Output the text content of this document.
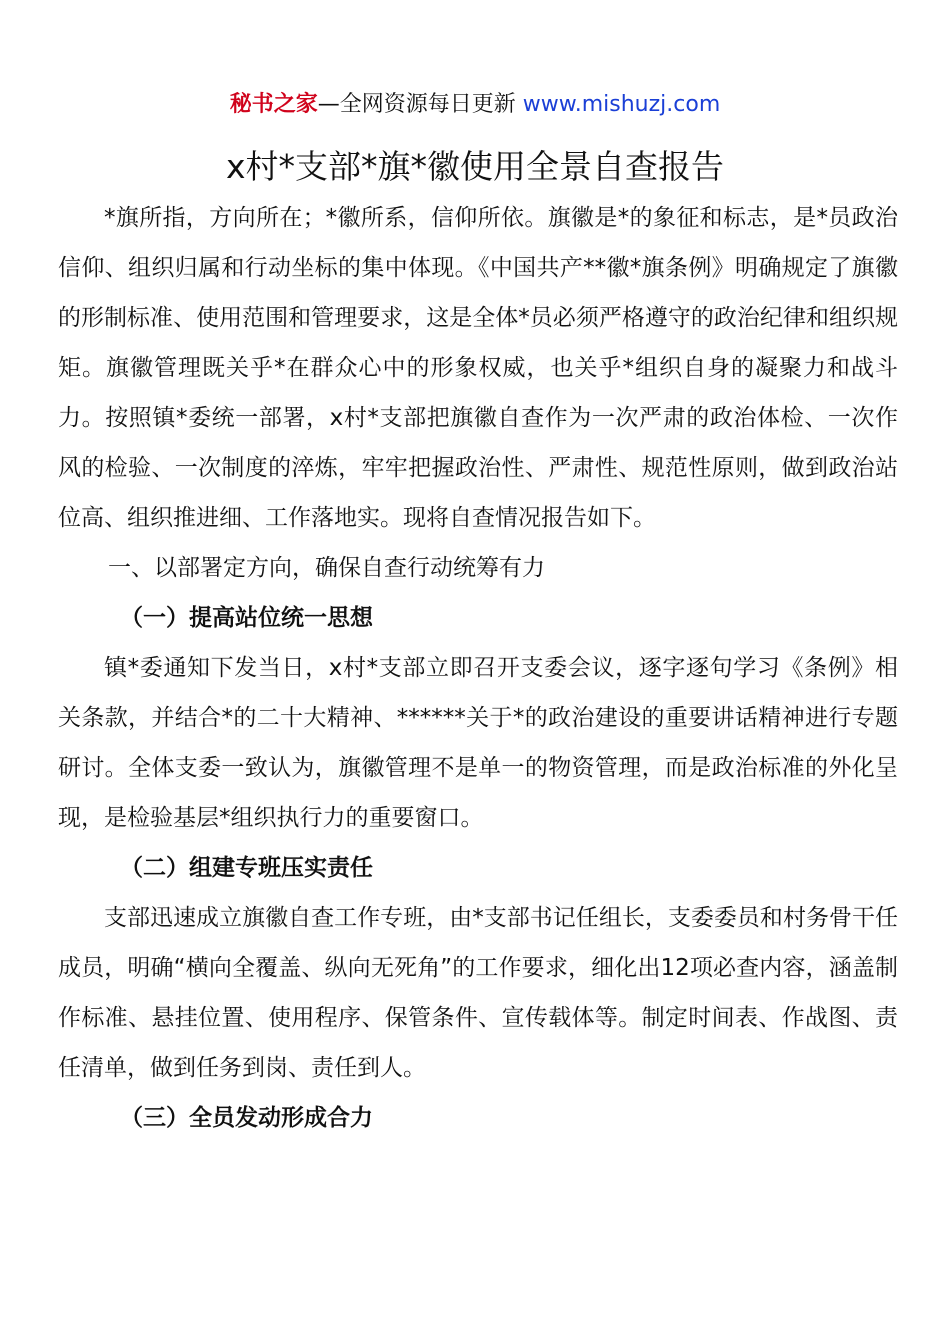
秘书之家—全网资源每日更新 www.mishuzj.com
x村*支部*旗*徽使用全景自查报告

*旗所指，方向所在；*徽所系，信仰所依。旗徽是*的象征和标志，是*员政治信仰、组织归属和行动坐标的集中体现。《中国共产**徽*旗条例》明确规定了旗徽的形制标准、使用范围和管理要求，这是全体*员必须严格遵守的政治纪律和组织规矩。旗徽管理既关乎*在群众心中的形象权威，也关乎*组织自身的凝聚力和战斗力。按照镇*委统一部署，x村*支部把旗徽自查作为一次严肃的政治体检、一次作风的检验、一次制度的淬炼，牢牢把握政治性、严肃性、规范性原则，做到政治站位高、组织推进细、工作落地实。现将自查情况报告如下。

一、以部署定方向，确保自查行动统筹有力

（一）提高站位统一思想

镇*委通知下发当日，x村*支部立即召开支委会议，逐字逐句学习《条例》相关条款，并结合*的二十大精神、******关于*的政治建设的重要讲话精神进行专题研讨。全体支委一致认为，旗徽管理不是单一的物资管理，而是政治标准的外化呈现，是检验基层*组织执行力的重要窗口。

（二）组建专班压实责任

支部迅速成立旗徽自查工作专班，由*支部书记任组长，支委委员和村务骨干任成员，明确“横向全覆盖、纵向无死角”的工作要求，细化出12项必查内容，涵盖制作标准、悬挂位置、使用程序、保管条件、宣传载体等。制定时间表、作战图、责任清单，做到任务到岗、责任到人。

（三）全员发动形成合力
